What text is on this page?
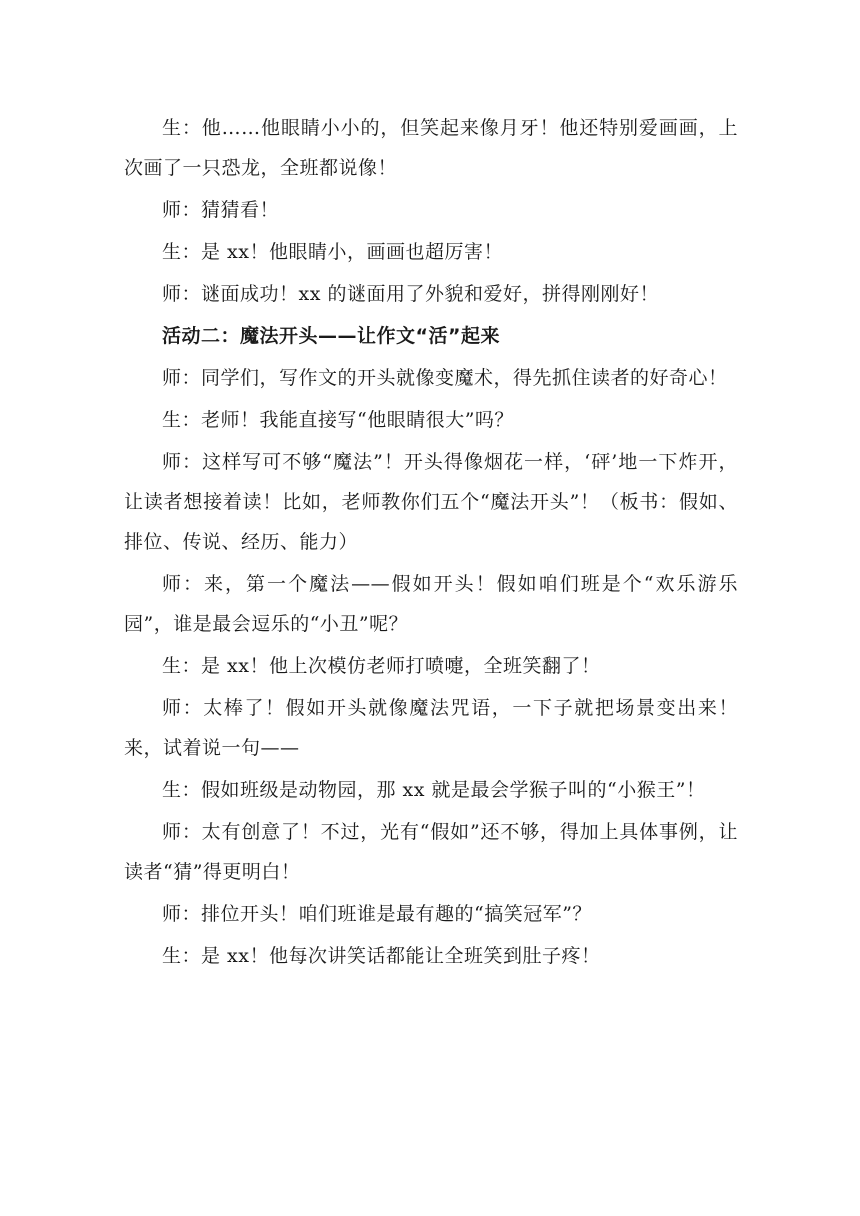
生：他……他眼睛小小的，但笑起来像月牙！他还特别爱画画，上次画了一只恐龙，全班都说像！

师：猜猜看！

生：是 xx！他眼睛小，画画也超厉害！

师：谜面成功！xx 的谜面用了外貌和爱好，拼得刚刚好！

活动二：魔法开头——让作文“活”起来

师：同学们，写作文的开头就像变魔术，得先抓住读者的好奇心！

生：老师！我能直接写“他眼睛很大”吗？

师：这样写可不够“魔法”！开头得像烟花一样，‘砰’地一下炸开，让读者想接着读！比如，老师教你们五个“魔法开头”！（板书：假如、排位、传说、经历、能力）

师：来，第一个魔法——假如开头！假如咱们班是个“欢乐游乐园”，谁是最会逗乐的“小丑”呢？

生：是 xx！他上次模仿老师打喷嚏，全班笑翻了！

师：太棒了！假如开头就像魔法咒语，一下子就把场景变出来！来，试着说一句——

生：假如班级是动物园，那 xx 就是最会学猴子叫的“小猴王”！

师：太有创意了！不过，光有“假如”还不够，得加上具体事例，让读者“猜”得更明白！

师：排位开头！咱们班谁是最有趣的“搞笑冠军”？

生：是 xx！他每次讲笑话都能让全班笑到肚子疼！
